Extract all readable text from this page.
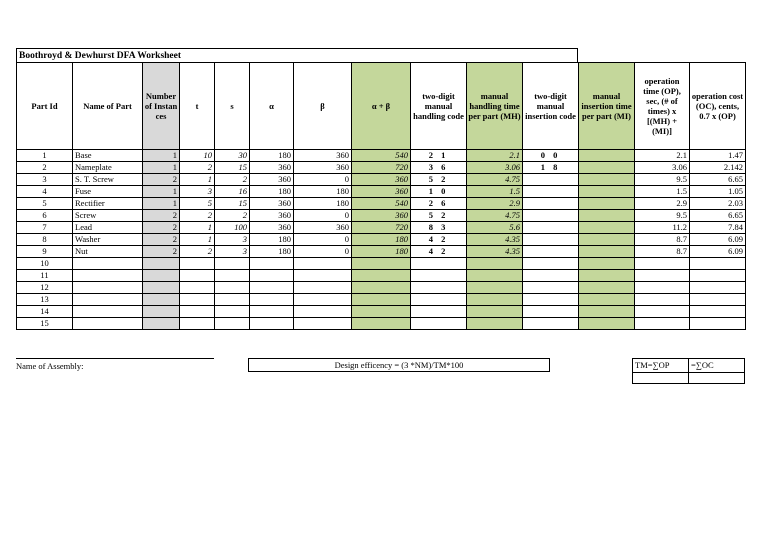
Boothroyd & Dewhurst DFA Worksheet
Part Id	Name of Part	Number of Instances	t	s	α	β	α + β	two-digit manual handling code	manual handling time per part (MH)	two-digit manual insertion code	manual insertion time per part (MI)	operation time (OP), sec, (# of times) x [(MH) + (MI)]	operation cost (OC), cents, 0.7 x (OP)
1	Base	1	10	30	180	360	540	2 1	2.1	0 0		2.1	1.47
2	Nameplate	1	2	15	360	360	720	3 6	3.06	1 8		3.06	2.142
3	S. T. Screw	2	1	2	360	0	360	5 2	4.75			9.5	6.65
4	Fuse	1	3	16	180	180	360	1 0	1.5			1.5	1.05
5	Rectifier	1	5	15	360	180	540	2 6	2.9			2.9	2.03
6	Screw	2	2	2	360	0	360	5 2	4.75			9.5	6.65
7	Lead	2	1	100	360	360	720	8 3	5.6			11.2	7.84
8	Washer	2	1	3	180	0	180	4 2	4.35			8.7	6.09
9	Nut	2	2	3	180	0	180	4 2	4.35			8.7	6.09
10													
11													
12													
13													
14													
15													
Name of Assembly:	Design efficency = (3 *NM)/TM*100	TM=∑OP	=∑OC
